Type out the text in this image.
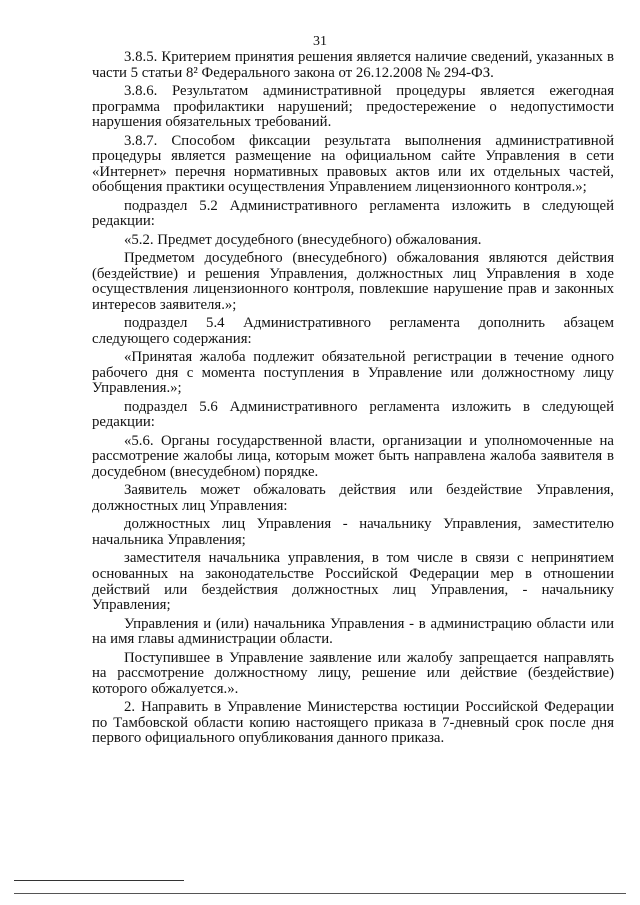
31

3.8.5. Критерием принятия решения является наличие сведений, указанных в части 5 статьи 8² Федерального закона от 26.12.2008 № 294-ФЗ.

3.8.6. Результатом административной процедуры является ежегодная программа профилактики нарушений; предостережение о недопустимости нарушения обязательных требований.

3.8.7. Способом фиксации результата выполнения административной процедуры является размещение на официальном сайте Управления в сети «Интернет» перечня нормативных правовых актов или их отдельных частей, обобщения практики осуществления Управлением лицензионного контроля.»;

подраздел 5.2 Административного регламента изложить в следующей редакции:

«5.2. Предмет досудебного (внесудебного) обжалования.

Предметом досудебного (внесудебного) обжалования являются действия (бездействие) и решения Управления, должностных лиц Управления в ходе осуществления лицензионного контроля, повлекшие нарушение прав и законных интересов заявителя.»;

подраздел 5.4 Административного регламента дополнить абзацем следующего содержания:

«Принятая жалоба подлежит обязательной регистрации в течение одного рабочего дня с момента поступления в Управление или должностному лицу Управления.»;

подраздел 5.6 Административного регламента изложить в следующей редакции:

«5.6. Органы государственной власти, организации и уполномоченные на рассмотрение жалобы лица, которым может быть направлена жалоба заявителя в досудебном (внесудебном) порядке.

Заявитель может обжаловать действия или бездействие Управления, должностных лиц Управления:

должностных лиц Управления - начальнику Управления, заместителю начальника Управления;

заместителя начальника управления, в том числе в связи с непринятием основанных на законодательстве Российской Федерации мер в отношении действий или бездействия должностных лиц Управления, - начальнику Управления;

Управления и (или) начальника Управления - в администрацию области или на имя главы администрации области.

Поступившее в Управление заявление или жалобу запрещается направлять на рассмотрение должностному лицу, решение или действие (бездействие) которого обжалуется.».

2. Направить в Управление Министерства юстиции Российской Федерации по Тамбовской области копию настоящего приказа в 7-дневный срок после дня первого официального опубликования данного приказа.
